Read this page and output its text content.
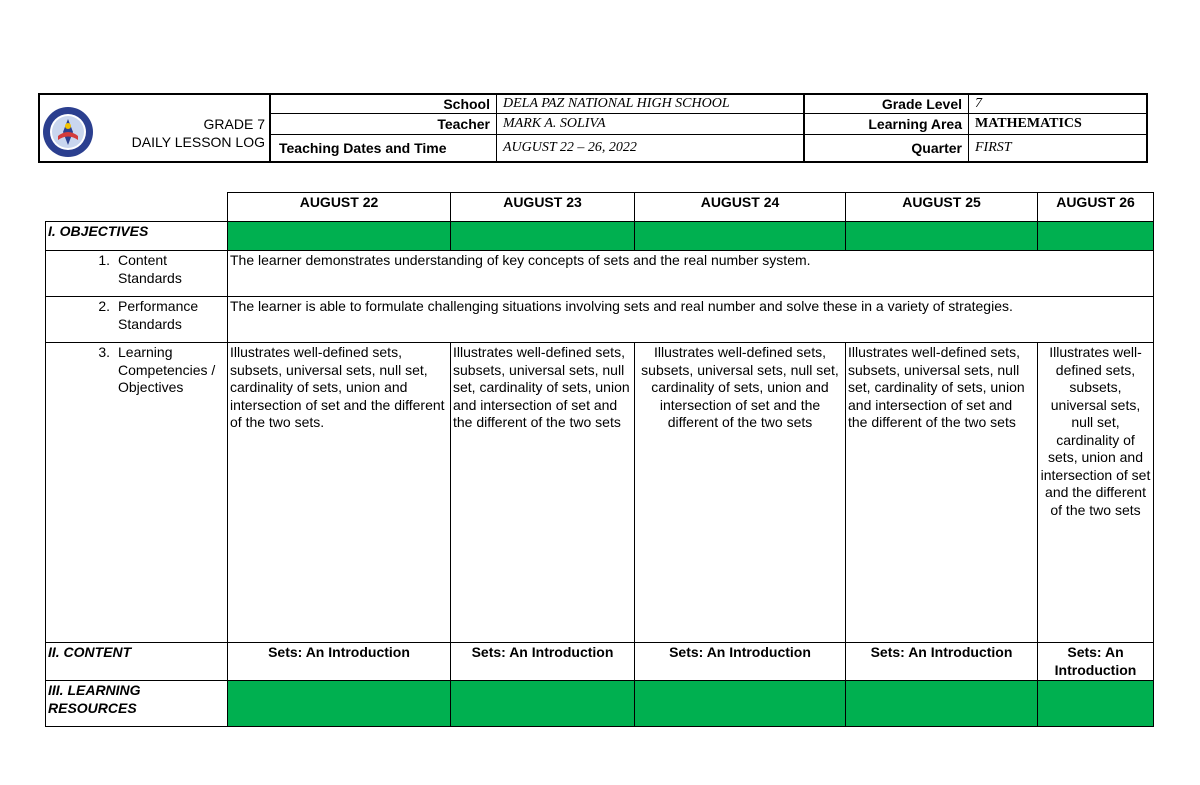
GRADE 7
DAILY LESSON LOG
School DELA PAZ NATIONAL HIGH SCHOOL
Teacher MARK A. SOLIVA
Teaching Dates and Time	AUGUST 22 – 26, 2022
Grade Level 7
Learning Area MATHEMATICS
Quarter FIRST
	AUGUST 22	AUGUST 23	AUGUST 24	AUGUST 25	AUGUST 26
I. OBJECTIVES					

1. Content Standards	The learner demonstrates understanding of key concepts of sets and the real number system.				

2. Performance Standards	The learner is able to formulate challenging situations involving sets and real number and solve these in a variety of strategies.				

3. Learning Competencies / Objectives	Illustrates well-defined sets, subsets, universal sets, null set, cardinality of sets, union and intersection of set and the different of the two sets.	Illustrates well-defined sets, subsets, universal sets, null set, cardinality of sets, union and intersection of set and the different of the two sets	Illustrates well-defined sets, subsets, universal sets, null set, cardinality of sets, union and intersection of set and the different of the two sets	Illustrates well-defined sets, subsets, universal sets, null set, cardinality of sets, union and intersection of set and the different of the two sets	Illustrates well-defined sets, subsets, universal sets, null set, cardinality of sets, union and intersection of set and the different of the two sets
II. CONTENT	Sets: An Introduction	Sets: An Introduction	Sets: An Introduction	Sets: An Introduction	Sets: An Introduction
III. LEARNING RESOURCES					
